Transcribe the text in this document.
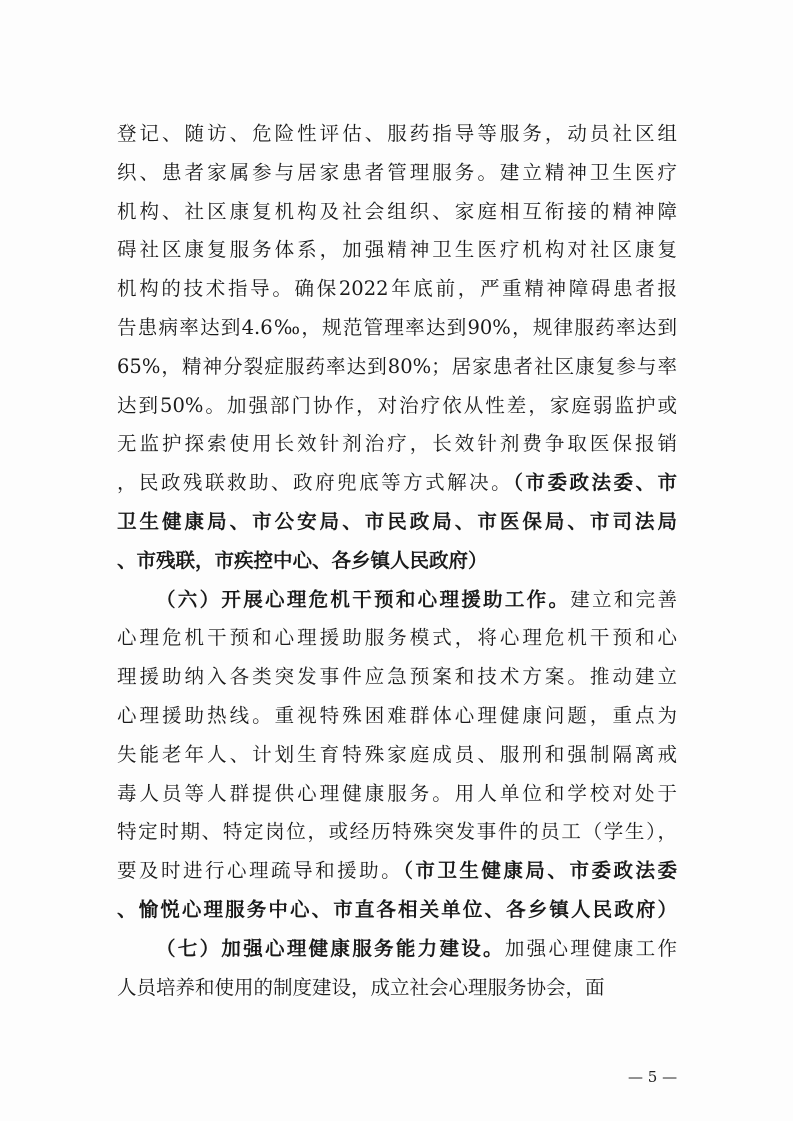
登记、随访、危险性评估、服药指导等服务，动员社区组
织、患者家属参与居家患者管理服务。建立精神卫生医疗
机构、社区康复机构及社会组织、家庭相互衔接的精神障
碍社区康复服务体系，加强精神卫生医疗机构对社区康复
机构的技术指导。确保2022年底前，严重精神障碍患者报
告患病率达到4.6‰，规范管理率达到90%，规律服药率达到
65%，精神分裂症服药率达到80%；居家患者社区康复参与率
达到50%。加强部门协作，对治疗依从性差，家庭弱监护或
无监护探索使用长效针剂治疗，长效针剂费争取医保报销
，民政残联救助、政府兜底等方式解决。（市委政法委、市
卫生健康局、市公安局、市民政局、市医保局、市司法局
、市残联，市疾控中心、各乡镇人民政府）
（六）开展心理危机干预和心理援助工作。建立和完善
心理危机干预和心理援助服务模式，将心理危机干预和心
理援助纳入各类突发事件应急预案和技术方案。推动建立
心理援助热线。重视特殊困难群体心理健康问题，重点为
失能老年人、计划生育特殊家庭成员、服刑和强制隔离戒
毒人员等人群提供心理健康服务。用人单位和学校对处于
特定时期、特定岗位，或经历特殊突发事件的员工（学生），
要及时进行心理疏导和援助。（市卫生健康局、市委政法委
、愉悦心理服务中心、市直各相关单位、各乡镇人民政府）
（七）加强心理健康服务能力建设。加强心理健康工作
人员培养和使用的制度建设，成立社会心理服务协会，面
— 5 —
